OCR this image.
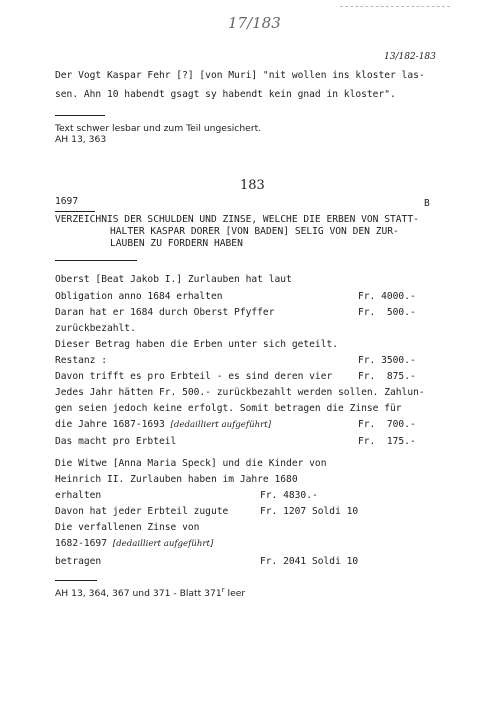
17/183
13/182-183
Der Vogt Kaspar Fehr [?] [von Muri] "nit wollen ins kloster las-
sen. Ahn 10 habendt gsagt sy habendt kein gnad in kloster".
Text schwer lesbar und zum Teil ungesichert.
AH 13, 363
183
1697	B
VERZEICHNIS DER SCHULDEN UND ZINSE, WELCHE DIE ERBEN VON STATT-
HALTER KASPAR DORER [VON BADEN] SELIG VON DEN ZUR-
LAUBEN ZU FORDERN HABEN
Oberst [Beat Jakob I.] Zurlauben hat laut
Obligation anno 1684 erhalten	Fr. 4000.-
Daran hat er 1684 durch Oberst Pfyffer	Fr.  500.-
zurückbezahlt.
Dieser Betrag haben die Erben unter sich geteilt.
Restanz :	Fr. 3500.-
Davon trifft es pro Erbteil - es sind deren vier	Fr.  875.-
Jedes Jahr hätten Fr. 500.- zurückbezahlt werden sollen. Zahlun-
gen seien jedoch keine erfolgt. Somit betragen die Zinse für
die Jahre 1687-1693 [dedailliert aufgeführt]	Fr.  700.-
Das macht pro Erbteil	Fr.  175.-
Die Witwe [Anna Maria Speck] und die Kinder von
Heinrich II. Zurlauben haben im Jahre 1680
erhalten	Fr. 4830.-
Davon hat jeder Erbteil zugute	Fr. 1207 Soldi 10
Die verfallenen Zinse von
1682-1697 [dedailliert aufgeführt]
betragen	Fr. 2041 Soldi 10
AH 13, 364, 367 und 371 - Blatt 371$^r$ leer
